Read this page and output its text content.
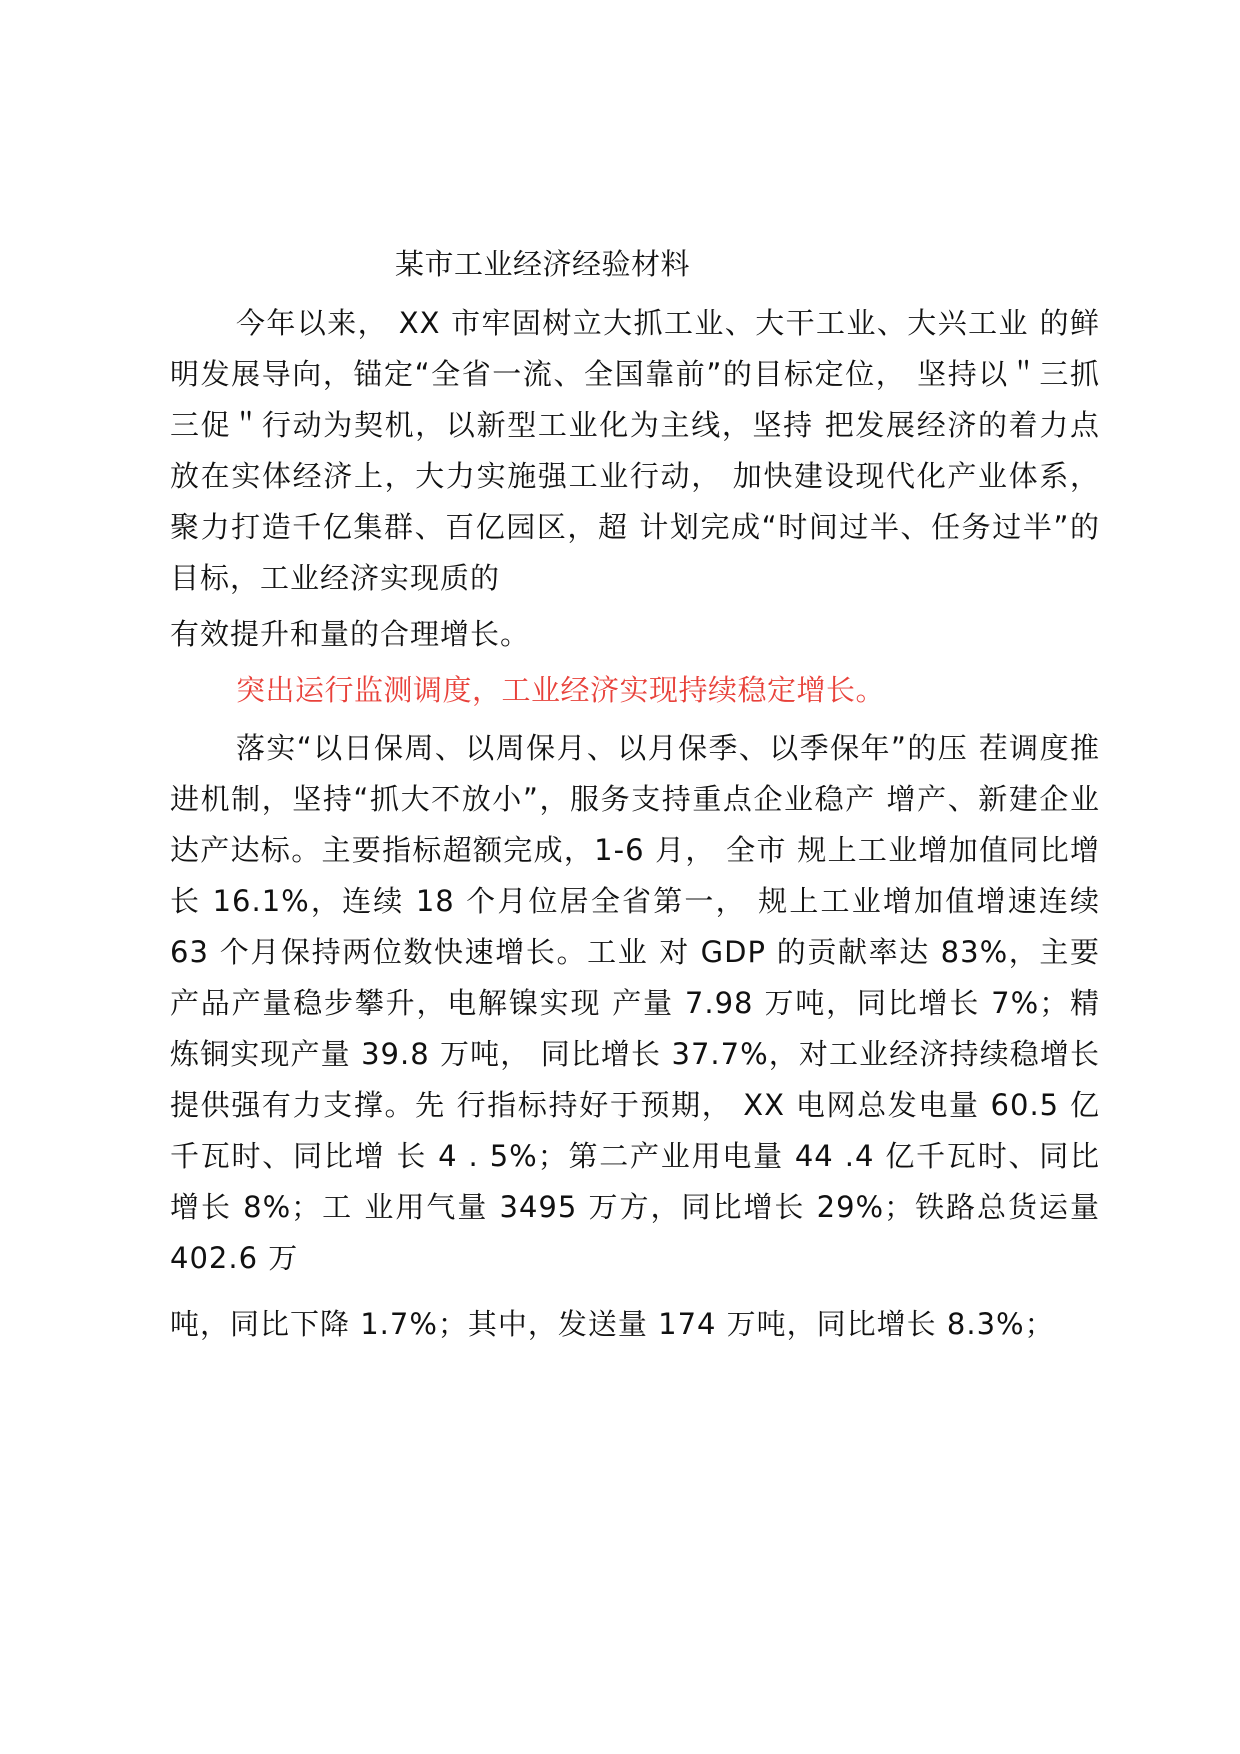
某市工业经济经验材料

今年以来， XX 市牢固树立大抓工业、大干工业、大兴工业 的鲜明发展导向，锚定“全省一流、全国靠前”的目标定位， 坚持以＂三抓三促＂行动为契机，以新型工业化为主线，坚持 把发展经济的着力点放在实体经济上，大力实施强工业行动， 加快建设现代化产业体系，聚力打造千亿集群、百亿园区，超 计划完成“时间过半、任务过半”的目标，工业经济实现质的

有效提升和量的合理增长。

突出运行监测调度，工业经济实现持续稳定增长。

落实“以日保周、以周保月、以月保季、以季保年”的压 茬调度推进机制，坚持“抓大不放小”，服务支持重点企业稳产 增产、新建企业达产达标。主要指标超额完成，1-6 月， 全市 规上工业增加值同比增长 16.1%，连续 18 个月位居全省第一， 规上工业增加值增速连续 63 个月保持两位数快速增长。工业 对 GDP 的贡献率达 83%，主要产品产量稳步攀升，电解镍实现 产量 7.98 万吨，同比增长 7%；精炼铜实现产量 39.8 万吨， 同比增长 37.7%，对工业经济持续稳增长提供强有力支撑。先 行指标持好于预期， XX 电网总发电量 60.5 亿千瓦时、同比增 长 4 . 5%；第二产业用电量 44 .4 亿千瓦时、同比增长 8%；工 业用气量 3495 万方，同比增长 29%；铁路总货运量 402.6 万

吨，同比下降 1.7%；其中，发送量 174 万吨，同比增长 8.3%；
